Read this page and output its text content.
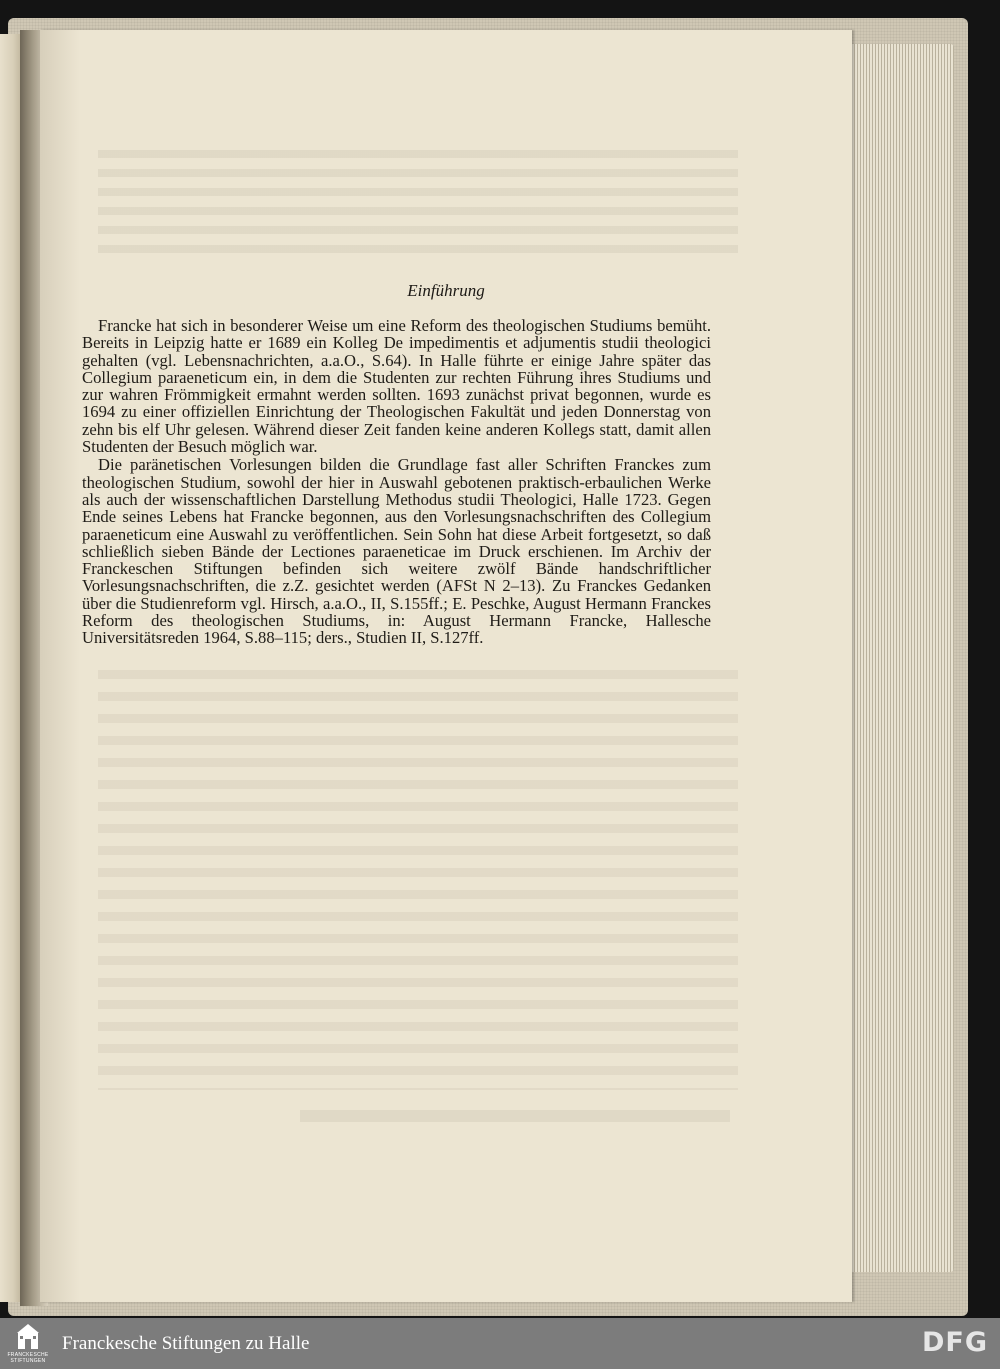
Einführung

Francke hat sich in besonderer Weise um eine Reform des theologischen Studiums bemüht. Bereits in Leipzig hatte er 1689 ein Kolleg De impedimentis et adjumentis studii theologici gehalten (vgl. Lebensnachrichten, a.a.O., S.64). In Halle führte er einige Jahre später das Collegium paraeneticum ein, in dem die Studenten zur rechten Führung ihres Studiums und zur wahren Frömmigkeit ermahnt werden sollten. 1693 zunächst privat begonnen, wurde es 1694 zu einer offiziellen Einrichtung der Theologischen Fakultät und jeden Donnerstag von zehn bis elf Uhr gelesen. Während dieser Zeit fanden keine anderen Kollegs statt, damit allen Studenten der Besuch möglich war.

Die paränetischen Vorlesungen bilden die Grundlage fast aller Schriften Franckes zum theologischen Studium, sowohl der hier in Auswahl gebotenen praktisch-erbaulichen Werke als auch der wissenschaftlichen Darstellung Methodus studii Theologici, Halle 1723. Gegen Ende seines Lebens hat Francke begonnen, aus den Vorlesungsnachschriften des Collegium paraeneticum eine Auswahl zu veröffentlichen. Sein Sohn hat diese Arbeit fortgesetzt, so daß schließlich sieben Bände der Lectiones paraeneticae im Druck erschienen. Im Archiv der Franckeschen Stiftungen befinden sich weitere zwölf Bände handschriftlicher Vorlesungsnachschriften, die z.Z. gesichtet werden (AFSt N 2–13). Zu Franckes Gedanken über die Studienreform vgl. Hirsch, a.a.O., II, S.155ff.; E. Peschke, August Hermann Franckes Reform des theologischen Studiums, in: August Hermann Francke, Hallesche Universitätsreden 1964, S.88–115; ders., Studien II, S.127ff.

FRANCKESCHE
STIFTUNGEN
Franckesche Stiftungen zu Halle	DFG
